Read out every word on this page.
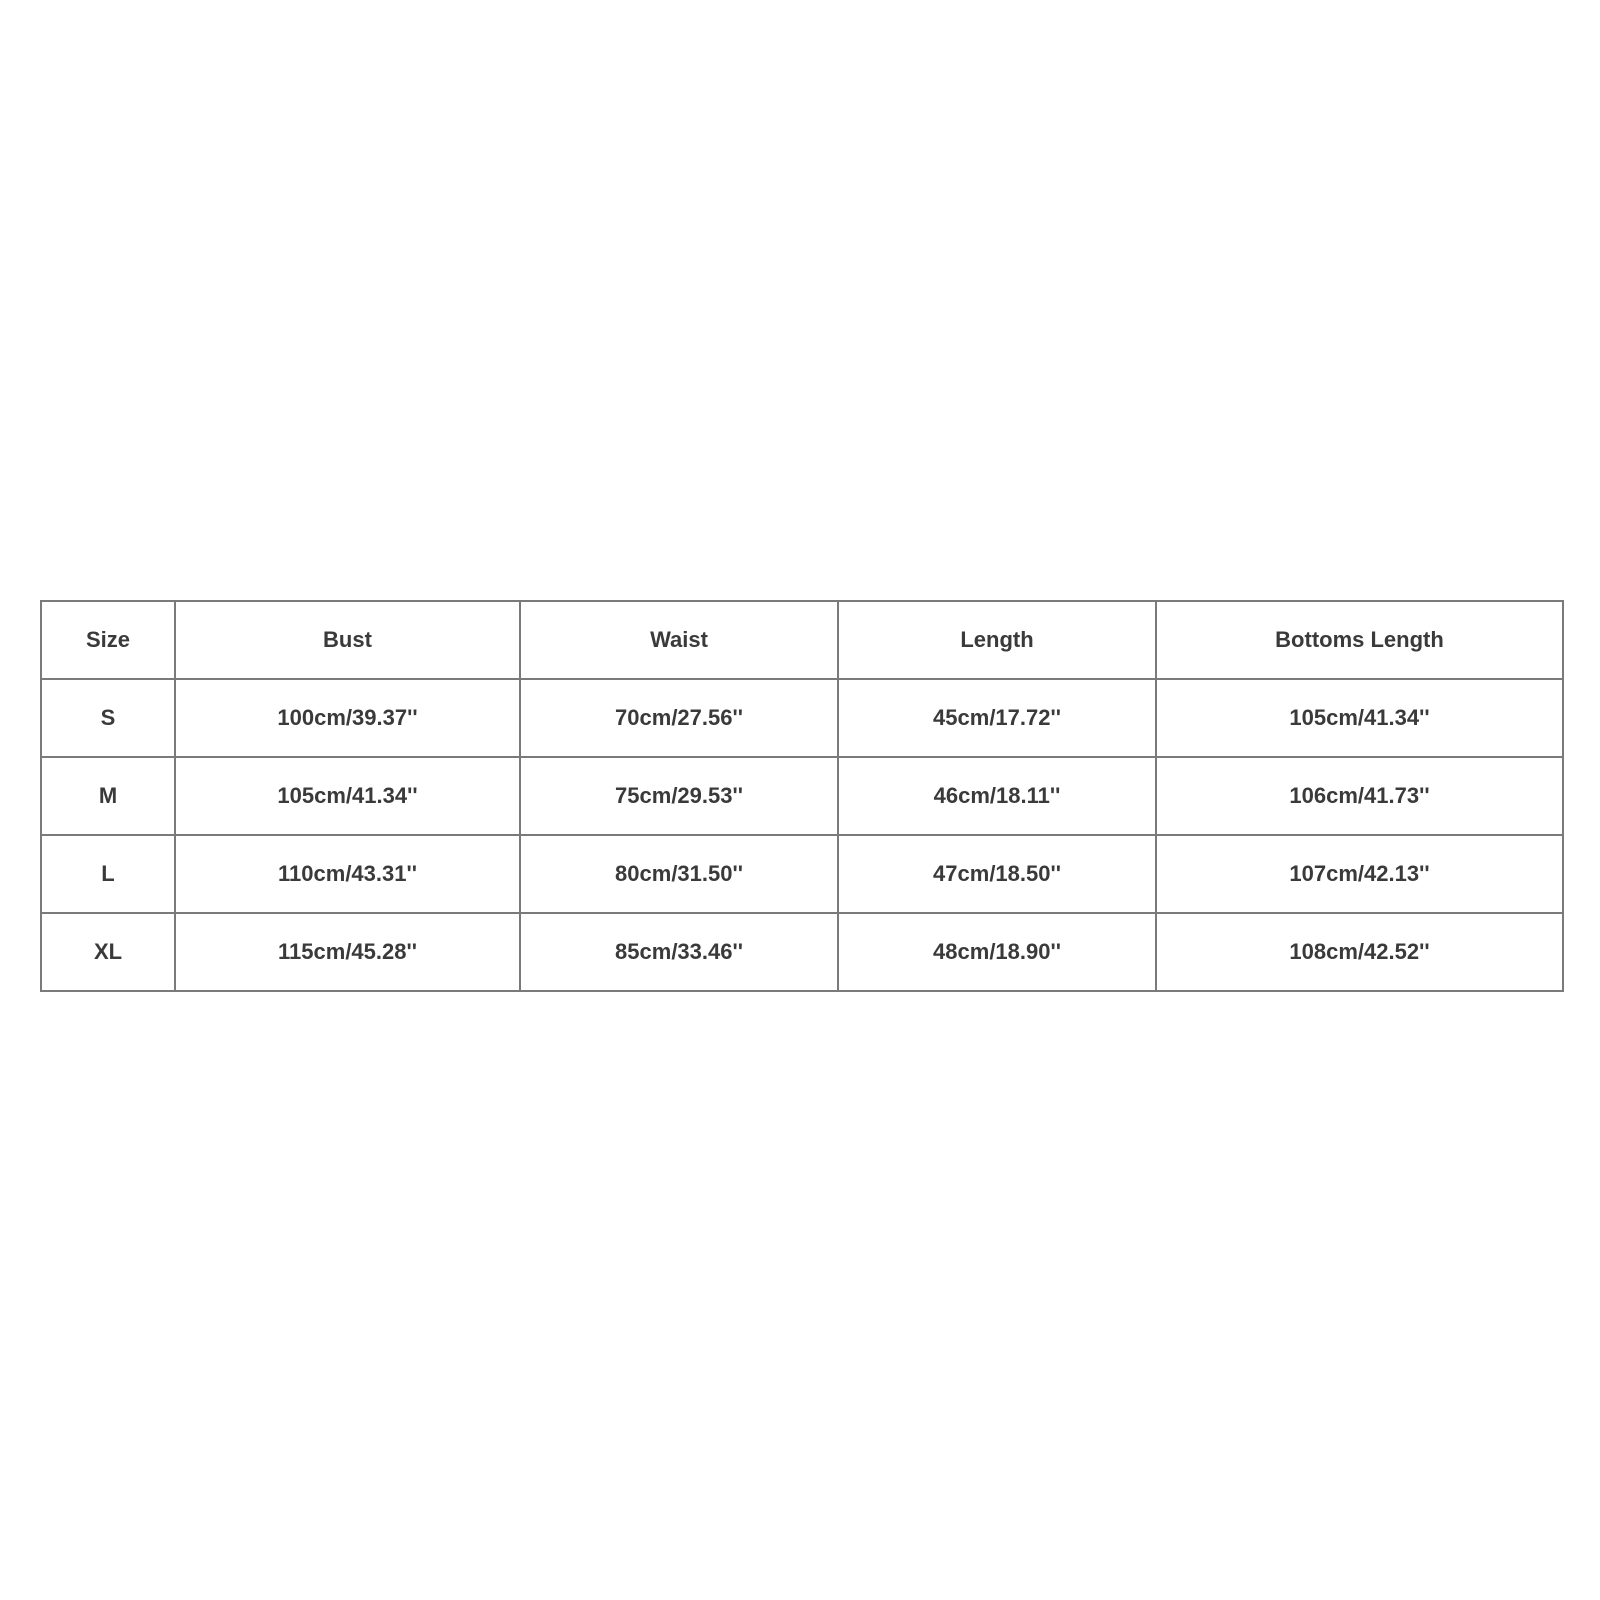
Size	Bust	Waist	Length	Bottoms Length
S	100cm/39.37''	70cm/27.56''	45cm/17.72''	105cm/41.34''
M	105cm/41.34''	75cm/29.53''	46cm/18.11''	106cm/41.73''
L	110cm/43.31''	80cm/31.50''	47cm/18.50''	107cm/42.13''
XL	115cm/45.28''	85cm/33.46''	48cm/18.90''	108cm/42.52''
